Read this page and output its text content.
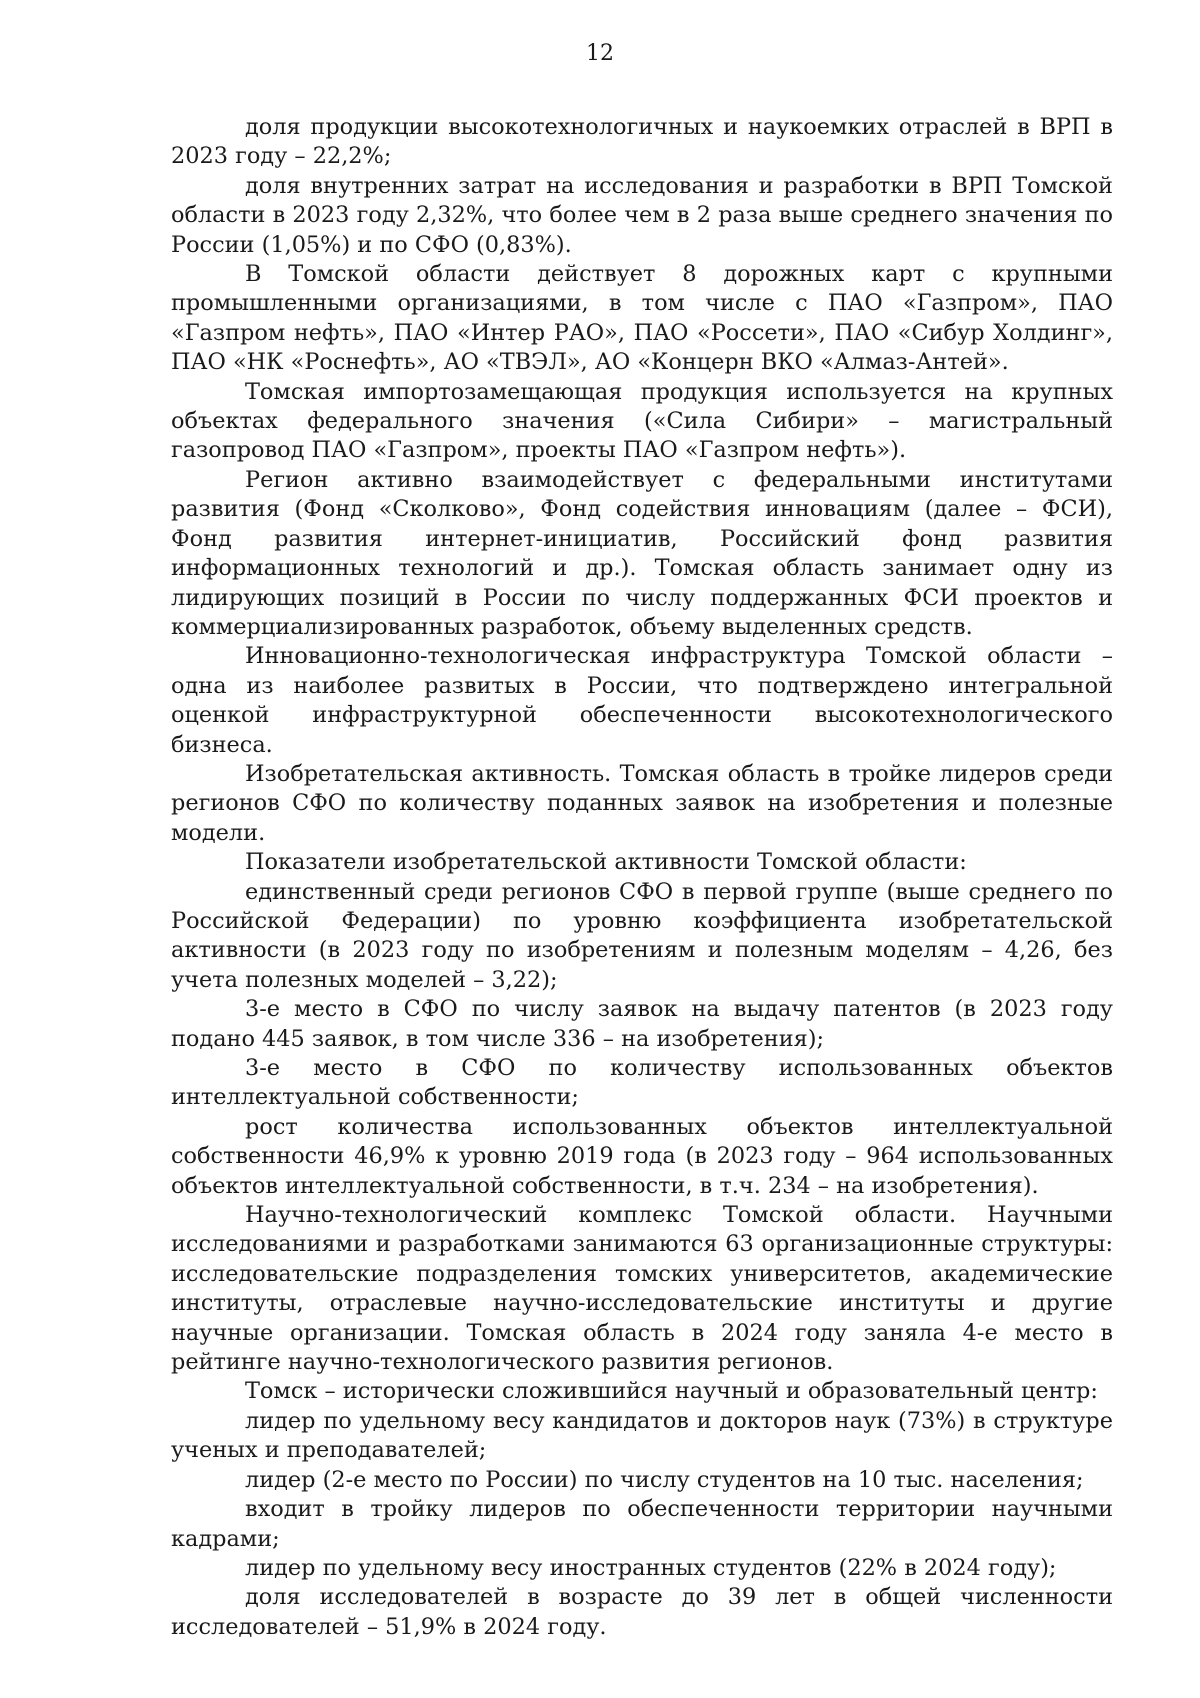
12

доля продукции высокотехнологичных и наукоемких отраслей в ВРП в 2023 году – 22,2%;

доля внутренних затрат на исследования и разработки в ВРП Томской области в 2023 году 2,32%, что более чем в 2 раза выше среднего значения по России (1,05%) и по СФО (0,83%).

В Томской области действует 8 дорожных карт с крупными промышленными организациями, в том числе с ПАО «Газпром», ПАО «Газпром нефть», ПАО «Интер РАО», ПАО «Россети», ПАО «Сибур Холдинг», ПАО «НК «Роснефть», АО «ТВЭЛ», АО «Концерн ВКО «Алмаз-Антей».

Томская импортозамещающая продукция используется на крупных объектах федерального значения («Сила Сибири» – магистральный газопровод ПАО «Газпром», проекты ПАО «Газпром нефть»).

Регион активно взаимодействует с федеральными институтами развития (Фонд «Сколково», Фонд содействия инновациям (далее – ФСИ), Фонд развития интернет-инициатив, Российский фонд развития информационных технологий и др.). Томская область занимает одну из лидирующих позиций в России по числу поддержанных ФСИ проектов и коммерциализированных разработок, объему выделенных средств.

Инновационно-технологическая инфраструктура Томской области – одна из наиболее развитых в России, что подтверждено интегральной оценкой инфраструктурной обеспеченности высокотехнологического бизнеса.

Изобретательская активность. Томская область в тройке лидеров среди регионов СФО по количеству поданных заявок на изобретения и полезные модели.

Показатели изобретательской активности Томской области:

единственный среди регионов СФО в первой группе (выше среднего по Российской Федерации) по уровню коэффициента изобретательской активности (в 2023 году по изобретениям и полезным моделям – 4,26, без учета полезных моделей – 3,22);

3-е место в СФО по числу заявок на выдачу патентов (в 2023 году подано 445 заявок, в том числе 336 – на изобретения);

3-е место в СФО по количеству использованных объектов интеллектуальной собственности;

рост количества использованных объектов интеллектуальной собственности 46,9% к уровню 2019 года (в 2023 году – 964 использованных объектов интеллектуальной собственности, в т.ч. 234 – на изобретения).

Научно-технологический комплекс Томской области. Научными исследованиями и разработками занимаются 63 организационные структуры: исследовательские подразделения томских университетов, академические институты, отраслевые научно-исследовательские институты и другие научные организации. Томская область в 2024 году заняла 4-е место в рейтинге научно-технологического развития регионов.

Томск – исторически сложившийся научный и образовательный центр:

лидер по удельному весу кандидатов и докторов наук (73%) в структуре ученых и преподавателей;

лидер (2-е место по России) по числу студентов на 10 тыс. населения;

входит в тройку лидеров по обеспеченности территории научными кадрами;

лидер по удельному весу иностранных студентов (22% в 2024 году);

доля исследователей в возрасте до 39 лет в общей численности исследователей – 51,9% в 2024 году.
